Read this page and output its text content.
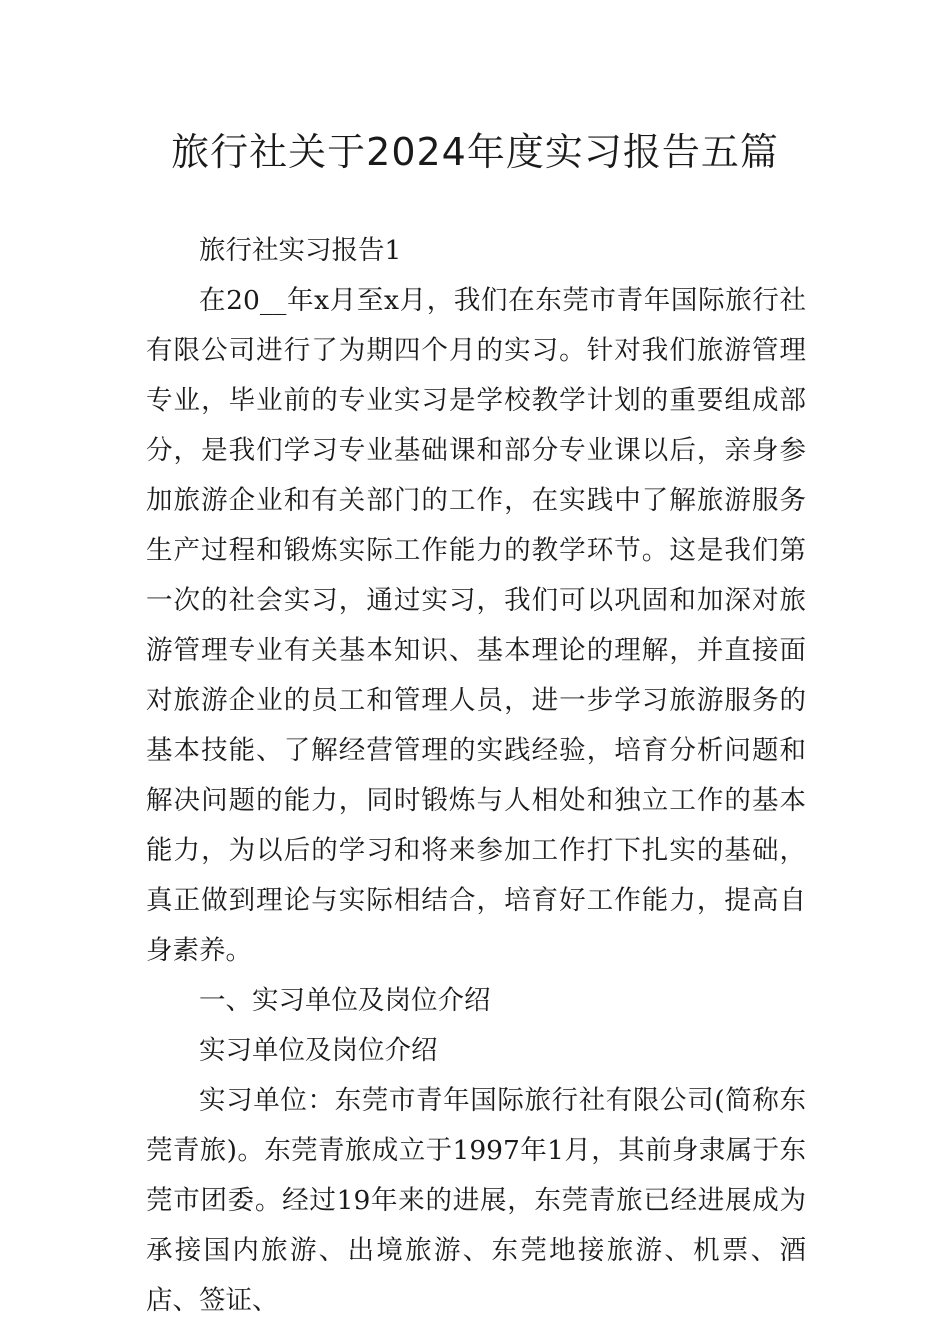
旅行社关于2024年度实习报告五篇

旅行社实习报告1

在20__年x月至x月，我们在东莞市青年国际旅行社有限公司进行了为期四个月的实习。针对我们旅游管理专业，毕业前的专业实习是学校教学计划的重要组成部分，是我们学习专业基础课和部分专业课以后，亲身参加旅游企业和有关部门的工作，在实践中了解旅游服务生产过程和锻炼实际工作能力的教学环节。这是我们第一次的社会实习，通过实习，我们可以巩固和加深对旅游管理专业有关基本知识、基本理论的理解，并直接面对旅游企业的员工和管理人员，进一步学习旅游服务的基本技能、了解经营管理的实践经验，培育分析问题和解决问题的能力，同时锻炼与人相处和独立工作的基本能力，为以后的学习和将来参加工作打下扎实的基础，真正做到理论与实际相结合，培育好工作能力，提高自身素养。

一、实习单位及岗位介绍

实习单位及岗位介绍

实习单位：东莞市青年国际旅行社有限公司(简称东莞青旅)。东莞青旅成立于1997年1月，其前身隶属于东莞市团委。经过19年来的进展，东莞青旅已经进展成为承接国内旅游、出境旅游、东莞地接旅游、机票、酒店、签证、
